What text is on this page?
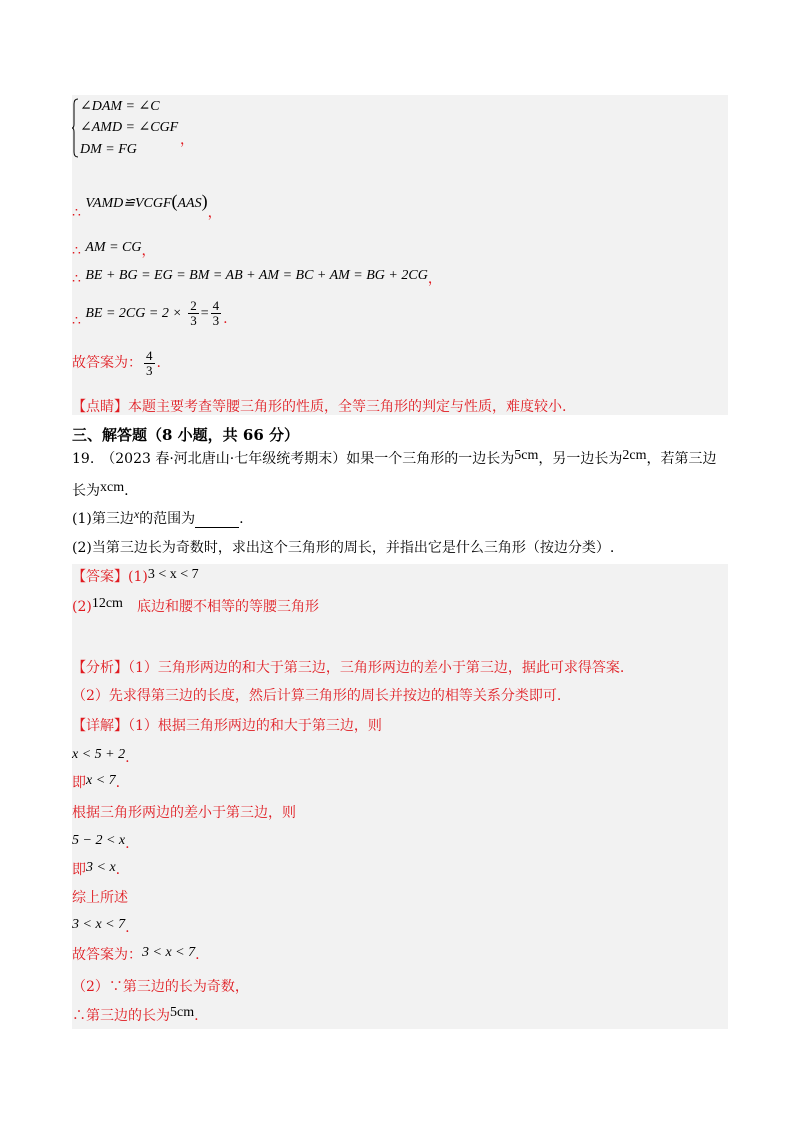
∠DAM = ∠C
∠AMD = ∠CGF
DM = FG
，
∴ VAMD≌VCGF(AAS)，
∴ AM = CG，
∴ BE + BG = EG = BM = AB + AM = BC + AM = BG + 2CG，
∴ BE = $2CG = 2 \times \frac{2}{3} = \frac{4}{3}$ .
故答案为： $\frac{4}{3}$ .
【点睛】本题主要考查等腰三角形的性质，全等三角形的判定与性质，难度较小.
三、解答题（8 小题，共 66 分）
19.　（2023 春·河北唐山·七年级统考期末）如果一个三角形的一边长为5cm，另一边长为2cm，若第三边
长为xcm.
(1)第三边x的范围为	.
(2)当第三边长为奇数时，求出这个三角形的周长，并指出它是什么三角形（按边分类）.
【答案】(1)3 < x < 7
(2)12cm 底边和腰不相等的等腰三角形
【分析】（1）三角形两边的和大于第三边，三角形两边的差小于第三边，据此可求得答案.
（2）先求得第三边的长度，然后计算三角形的周长并按边的相等关系分类即可.
【详解】（1）根据三角形两边的和大于第三边，则
x < 5 + 2.
即x < 7.
根据三角形两边的差小于第三边，则
5 − 2 < x.
即3 < x.
综上所述
3 < x < 7.
故答案为：3 < x < 7.
（2）∵第三边的长为奇数，
∴第三边的长为5cm.
